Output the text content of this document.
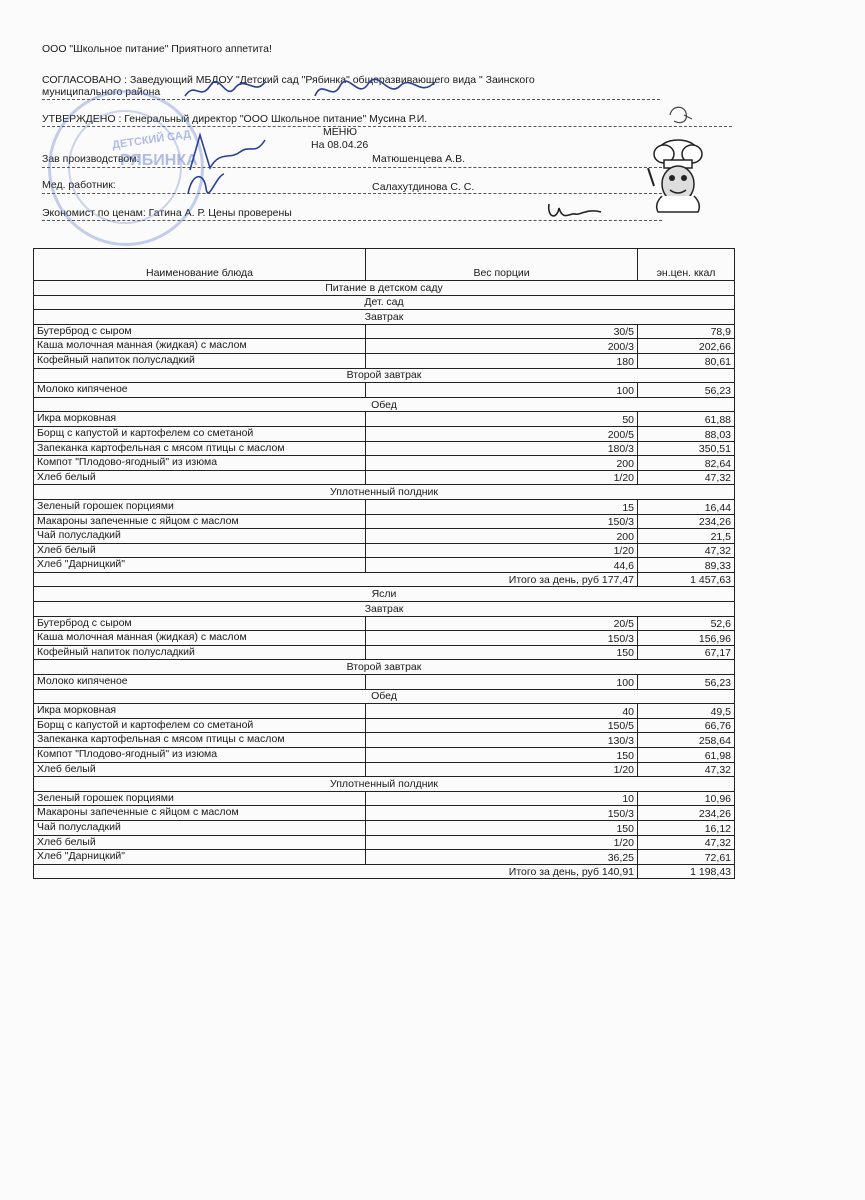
ООО "Школьное питание" Приятного аппетита!
СОГЛАСОВАНО : Заведующий МБДОУ "Детский сад "Рябинка" общеразвивающего вида " Заинского
муниципального района
УТВЕРЖДЕНО : Генеральный директор "ООО Школьное питание" Мусина Р.И.
МЕНЮ
На 08.04.26
Зав производством:	Матюшенцева А.В.
Мед. работник:	Салахутдинова С. С.
Экономист по ценам: Гатина А. Р. Цены проверены
ДЕТСКИЙ САД
РЯБИНКА
Наименование блюда	Вес порции	эн.цен. ккал
Питание в детском саду		
Дет. сад		
Завтрак		
Бутерброд с сыром	30/5	78,9
Каша молочная манная (жидкая) с маслом	200/3	202,66
Кофейный напиток полусладкий	180	80,61
Второй завтрак		
Молоко кипяченое	100	56,23
Обед		
Икра морковная	50	61,88
Борщ с капустой и картофелем со сметаной	200/5	88,03
Запеканка картофельная с мясом птицы с маслом	180/3	350,51
Компот "Плодово-ягодный" из изюма	200	82,64
Хлеб белый	1/20	47,32
Уплотненный полдник		
Зеленый горошек порциями	15	16,44
Макароны запеченные с яйцом с маслом	150/3	234,26
Чай полусладкий	200	21,5
Хлеб белый	1/20	47,32
Хлеб "Дарницкий"	44,6	89,33
	Итого за день, руб 177,47	1 457,63
Ясли		
Завтрак		
Бутерброд с сыром	20/5	52,6
Каша молочная манная (жидкая) с маслом	150/3	156,96
Кофейный напиток полусладкий	150	67,17
Второй завтрак		
Молоко кипяченое	100	56,23
Обед		
Икра морковная	40	49,5
Борщ с капустой и картофелем со сметаной	150/5	66,76
Запеканка картофельная с мясом птицы с маслом	130/3	258,64
Компот "Плодово-ягодный" из изюма	150	61,98
Хлеб белый	1/20	47,32
Уплотненный полдник		
Зеленый горошек порциями	10	10,96
Макароны запеченные с яйцом с маслом	150/3	234,26
Чай полусладкий	150	16,12
Хлеб белый	1/20	47,32
Хлеб "Дарницкий"	36,25	72,61
	Итого за день, руб 140,91	1 198,43
